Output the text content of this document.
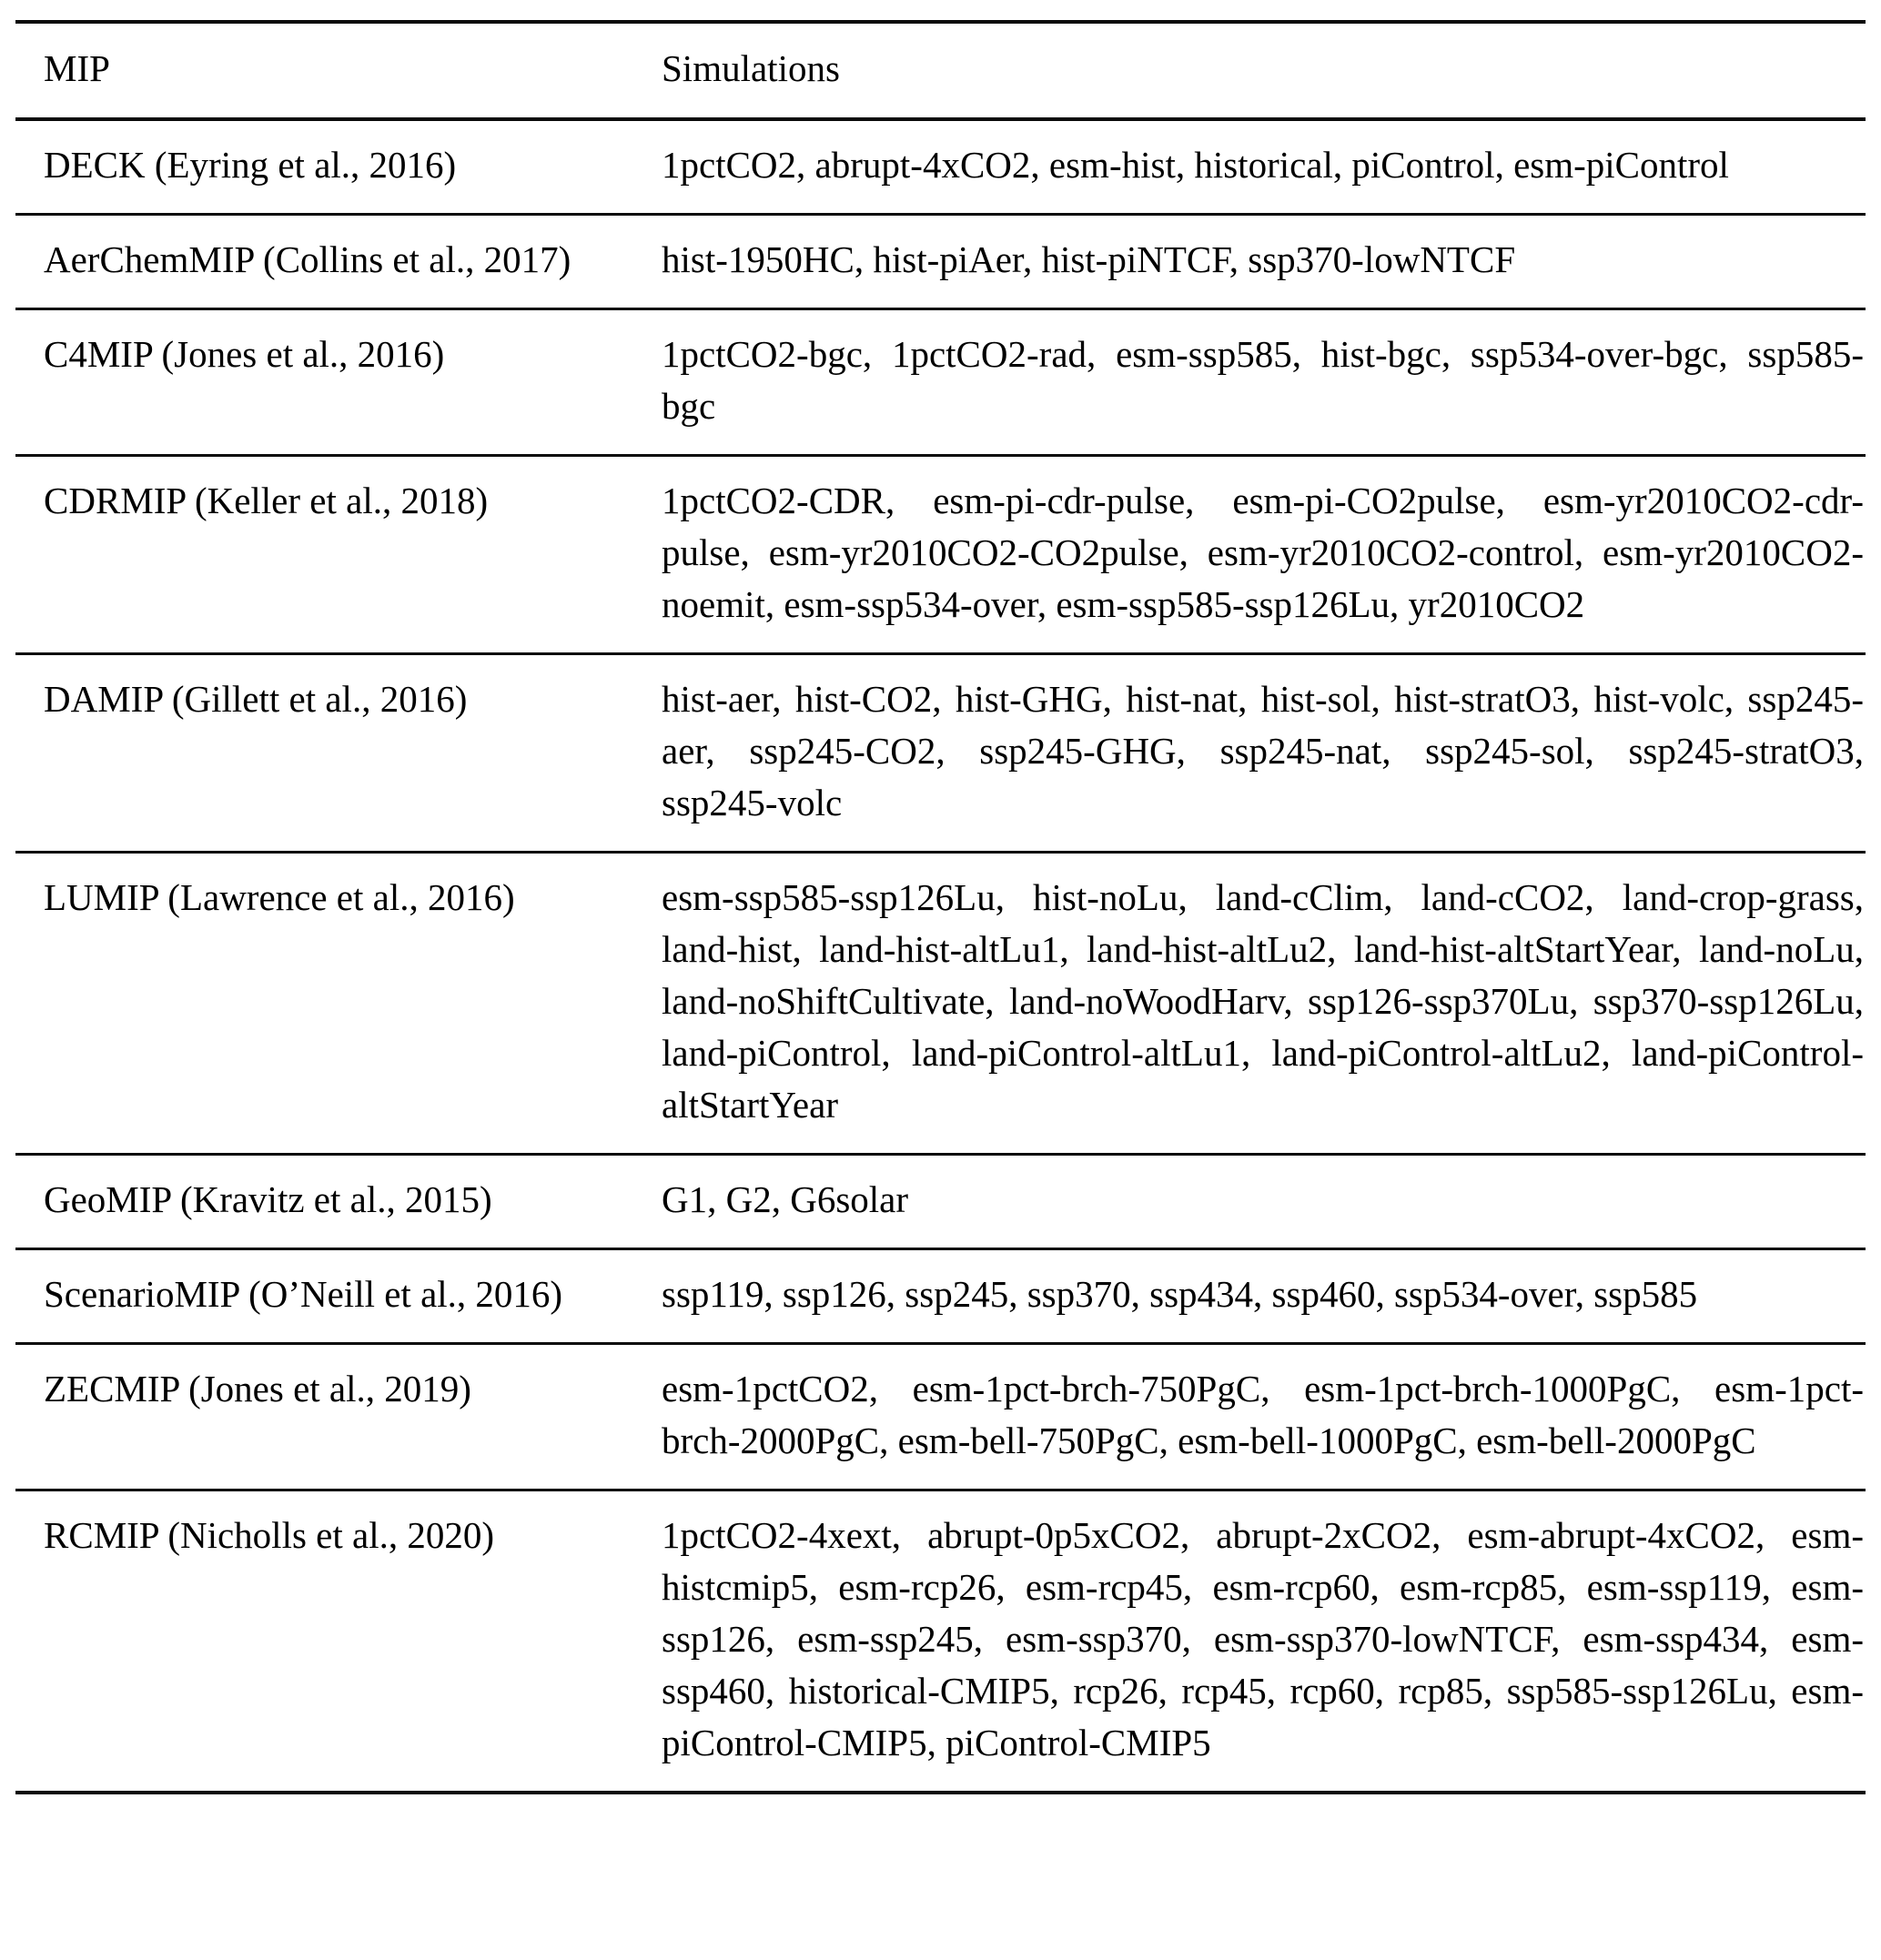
MIP	Simulations

DECK (Eyring et al., 2016)	1pctCO2, abrupt-4xCO2, esm-hist, historical, piControl, esm-piControl

AerChemMIP (Collins et al., 2017)	hist-1950HC, hist-piAer, hist-piNTCF, ssp370-lowNTCF

C4MIP (Jones et al., 2016)	1pctCO2-bgc, 1pctCO2-rad, esm-ssp585, hist-bgc, ssp534-over-bgc, ssp585-bgc

CDRMIP (Keller et al., 2018)	1pctCO2-CDR, esm-pi-cdr-pulse, esm-pi-CO2pulse, esm-yr2010CO2-cdr-pulse, esm-yr2010CO2-CO2pulse, esm-yr2010CO2-control, esm-yr2010CO2-noemit, esm-ssp534-over, esm-ssp585-ssp126Lu, yr2010CO2

DAMIP (Gillett et al., 2016)	hist-aer, hist-CO2, hist-GHG, hist-nat, hist-sol, hist-stratO3, hist-volc, ssp245-aer, ssp245-CO2, ssp245-GHG, ssp245-nat, ssp245-sol, ssp245-stratO3, ssp245-volc

LUMIP (Lawrence et al., 2016)	esm-ssp585-ssp126Lu, hist-noLu, land-cClim, land-cCO2, land-crop-grass, land-hist, land-hist-altLu1, land-hist-altLu2, land-hist-altStartYear, land-noLu, land-noShiftCultivate, land-noWoodHarv, ssp126-ssp370Lu, ssp370-ssp126Lu, land-piControl, land-piControl-altLu1, land-piControl-altLu2, land-piControl-altStartYear

GeoMIP (Kravitz et al., 2015)	G1, G2, G6solar

ScenarioMIP (O’Neill et al., 2016)	ssp119, ssp126, ssp245, ssp370, ssp434, ssp460, ssp534-over, ssp585

ZECMIP (Jones et al., 2019)	esm-1pctCO2, esm-1pct-brch-750PgC, esm-1pct-brch-1000PgC, esm-1pct-brch-2000PgC, esm-bell-750PgC, esm-bell-1000PgC, esm-bell-2000PgC

RCMIP (Nicholls et al., 2020)	1pctCO2-4xext, abrupt-0p5xCO2, abrupt-2xCO2, esm-abrupt-4xCO2, esm-histcmip5, esm-rcp26, esm-rcp45, esm-rcp60, esm-rcp85, esm-ssp119, esm-ssp126, esm-ssp245, esm-ssp370, esm-ssp370-lowNTCF, esm-ssp434, esm-ssp460, historical-CMIP5, rcp26, rcp45, rcp60, rcp85, ssp585-ssp126Lu, esm-piControl-CMIP5, piControl-CMIP5
